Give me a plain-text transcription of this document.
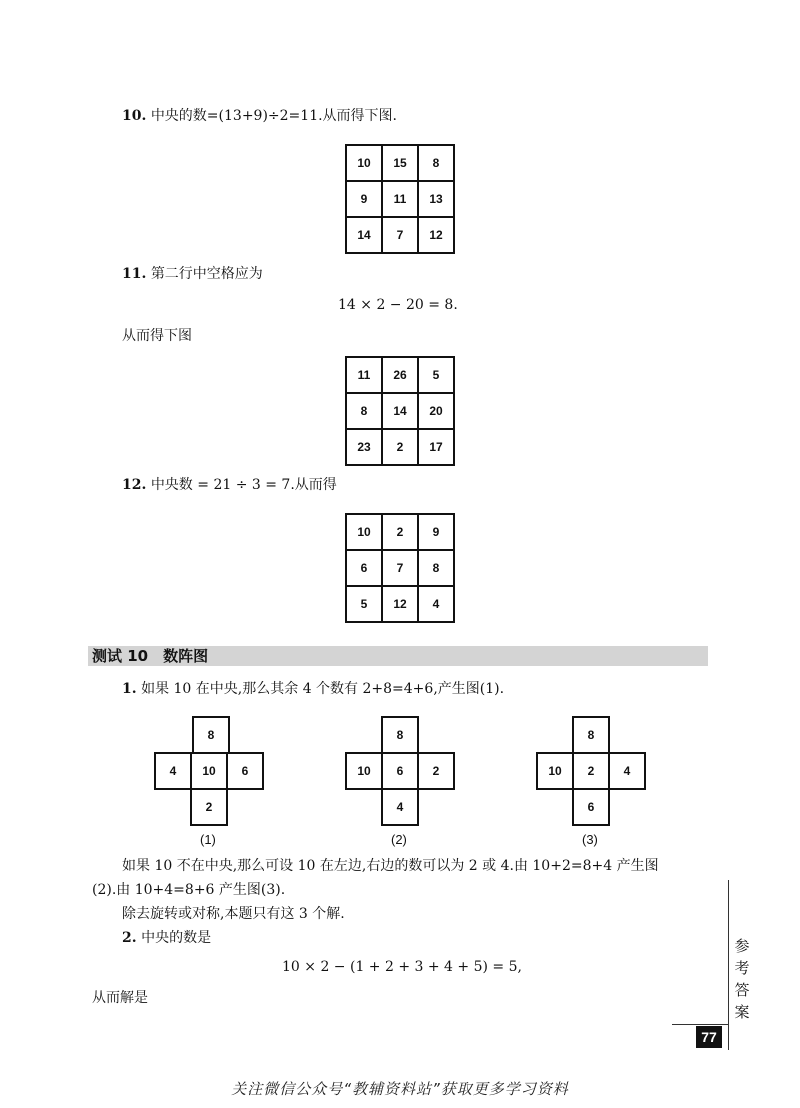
10. 中央的数=(13+9)÷2=11.从而得下图.
10	15	8
9	11	13
14	7	12
11. 第二行中空格应为
14 × 2 − 20 = 8.
从而得下图
11	26	5
8	14	20
23	2	17
12. 中央数 = 21 ÷ 3 = 7.从而得
10	2	9
6	7	8
5	12	4
测试 10　数阵图
1. 如果 10 在中央,那么其余 4 个数有 2+8=4+6,产生图(1).
8
4	10	6
2
(1)
8
10	6	2
4
(2)
8
10	2	4
6
(3)
如果 10 不在中央,那么可设 10 在左边,右边的数可以为 2 或 4.由 10+2=8+4 产生图
(2).由 10+4=8+6 产生图(3).
除去旋转或对称,本题只有这 3 个解.
2. 中央的数是
10 × 2 − (1 + 2 + 3 + 4 + 5) = 5,
从而解是
参
考
答
案
77
关注微信公众号“教辅资料站”获取更多学习资料
